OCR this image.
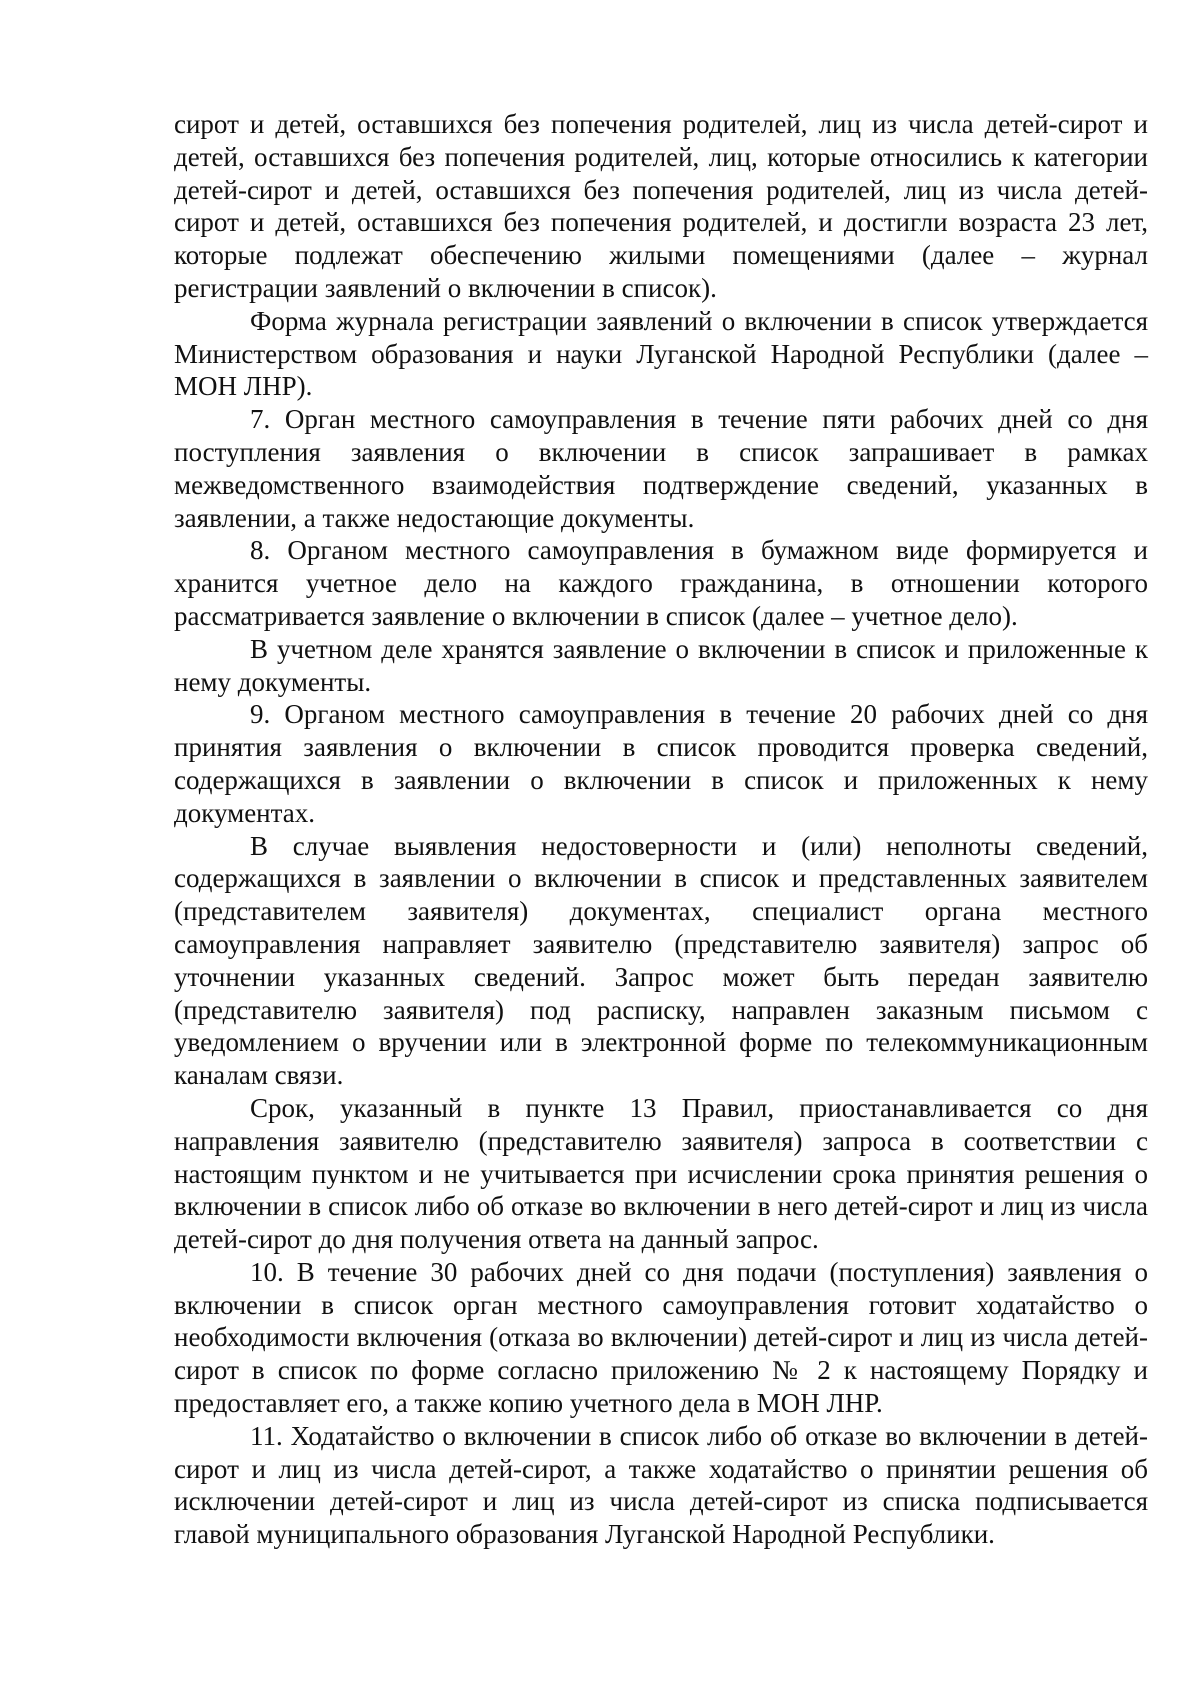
сирот и детей, оставшихся без попечения родителей, лиц из числа детей-сирот и детей, оставшихся без попечения родителей, лиц, которые относились к категории детей-сирот и детей, оставшихся без попечения родителей, лиц из числа детей-сирот и детей, оставшихся без попечения родителей, и достигли возраста 23 лет, которые подлежат обеспечению жилыми помещениями (далее – журнал регистрации заявлений о включении в список).

Форма журнала регистрации заявлений о включении в список утверждается Министерством образования и науки Луганской Народной Республики (далее – МОН ЛНР).

7. Орган местного самоуправления в течение пяти рабочих дней со дня поступления заявления о включении в список запрашивает в рамках межведомственного взаимодействия подтверждение сведений, указанных в заявлении, а также недостающие документы.

8. Органом местного самоуправления в бумажном виде формируется и хранится учетное дело на каждого гражданина, в отношении которого рассматривается заявление о включении в список (далее – учетное дело).

В учетном деле хранятся заявление о включении в список и приложенные к нему документы.

9. Органом местного самоуправления в течение 20 рабочих дней со дня принятия заявления о включении в список проводится проверка сведений, содержащихся в заявлении о включении в список и приложенных к нему документах.

В случае выявления недостоверности и (или) неполноты сведений, содержащихся в заявлении о включении в список и представленных заявителем (представителем заявителя) документах, специалист органа местного самоуправления направляет заявителю (представителю заявителя) запрос об уточнении указанных сведений. Запрос может быть передан заявителю (представителю заявителя) под расписку, направлен заказным письмом с уведомлением о вручении или в электронной форме по телекоммуникационным каналам связи.

Срок, указанный в пункте 13 Правил, приостанавливается со дня направления заявителю (представителю заявителя) запроса в соответствии с настоящим пунктом и не учитывается при исчислении срока принятия решения о включении в список либо об отказе во включении в него детей-сирот и лиц из числа детей-сирот до дня получения ответа на данный запрос.

10. В течение 30 рабочих дней со дня подачи (поступления) заявления о включении в список орган местного самоуправления готовит ходатайство о необходимости включения (отказа во включении) детей-сирот и лиц из числа детей-сирот в список по форме согласно приложению № 2 к настоящему Порядку и предоставляет его, а также копию учетного дела в МОН ЛНР.

11. Ходатайство о включении в список либо об отказе во включении в детей-сирот и лиц из числа детей-сирот, а также ходатайство о принятии решения об исключении детей-сирот и лиц из числа детей-сирот из списка подписывается главой муниципального образования Луганской Народной Республики.
